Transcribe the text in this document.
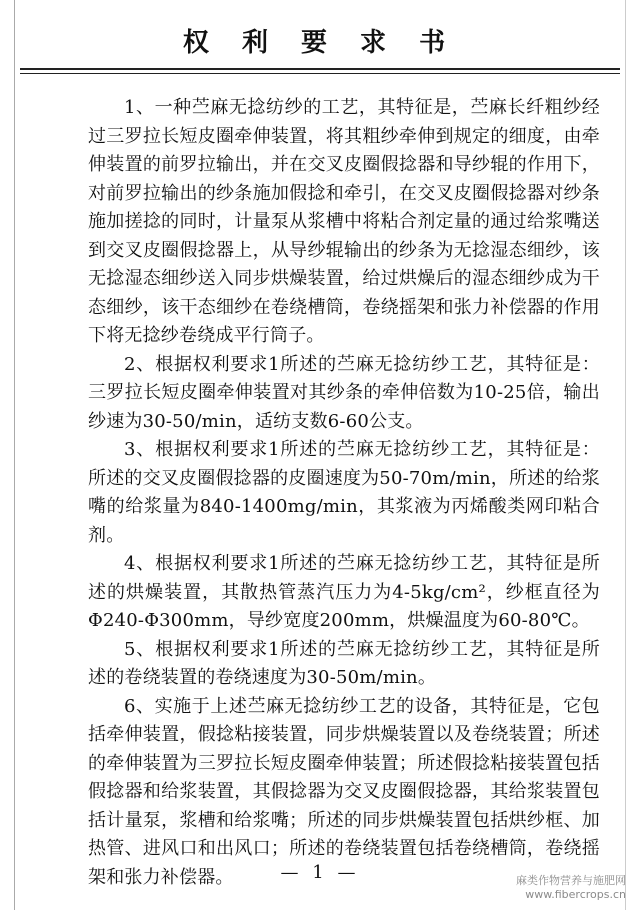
权 利 要 求 书

1、一种苎麻无捻纺纱的工艺，其特征是，苎麻长纤粗纱经过三罗拉长短皮圈牵伸装置，将其粗纱牵伸到规定的细度，由牵伸装置的前罗拉输出，并在交叉皮圈假捻器和导纱辊的作用下，对前罗拉输出的纱条施加假捻和牵引，在交叉皮圈假捻器对纱条施加搓捻的同时，计量泵从浆槽中将粘合剂定量的通过给浆嘴送到交叉皮圈假捻器上，从导纱辊输出的纱条为无捻湿态细纱，该无捻湿态细纱送入同步烘燥装置，给过烘燥后的湿态细纱成为干态细纱，该干态细纱在卷绕槽筒，卷绕摇架和张力补偿器的作用下将无捻纱卷绕成平行筒子。

2、根据权利要求1所述的苎麻无捻纺纱工艺，其特征是：三罗拉长短皮圈牵伸装置对其纱条的牵伸倍数为10-25倍，输出纱速为30-50/min，适纺支数6-60公支。

3、根据权利要求1所述的苎麻无捻纺纱工艺，其特征是：所述的交叉皮圈假捻器的皮圈速度为50-70m/min，所述的给浆嘴的给浆量为840-1400mg/min，其浆液为丙烯酸类网印粘合剂。

4、根据权利要求1所述的苎麻无捻纺纱工艺，其特征是所述的烘燥装置，其散热管蒸汽压力为4-5kg/cm²，纱框直径为Φ240-Φ300mm，导纱宽度200mm，烘燥温度为60-80℃。

5、根据权利要求1所述的苎麻无捻纺纱工艺，其特征是所述的卷绕装置的卷绕速度为30-50m/min。

6、实施于上述苎麻无捻纺纱工艺的设备，其特征是，它包括牵伸装置，假捻粘接装置，同步烘燥装置以及卷绕装置；所述的牵伸装置为三罗拉长短皮圈牵伸装置；所述假捻粘接装置包括假捻器和给浆装置，其假捻器为交叉皮圈假捻器，其给浆装置包括计量泵，浆槽和给浆嘴；所述的同步烘燥装置包括烘纱框、加热管、进风口和出风口；所述的卷绕装置包括卷绕槽筒，卷绕摇架和张力补偿器。	— 1 —	麻类作物营养与施肥网
www.fibercrops.cn
